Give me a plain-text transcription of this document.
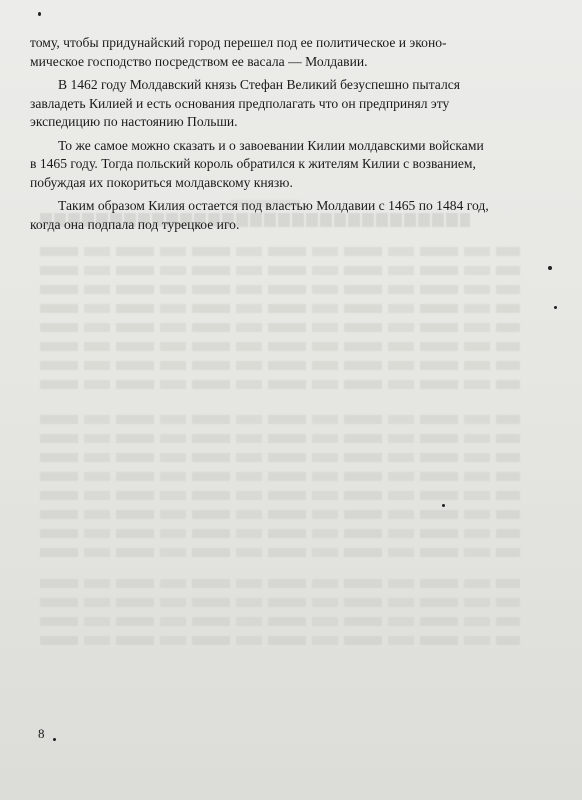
тому, чтобы придунайский город перешел под ее политическое и эконо-
мическое господство посредством ее васала — Молдавии.

В 1462 году Молдавский князь Стефан Великий безуспешно пытался
завладеть Килией и есть основания предполагать что он предпринял эту
экспедицию по настоянию Польши.

То же самое можно сказать и о завоевании Килии молдавскими войсками
в 1465 году. Тогда польский король обратился к жителям Килии с возванием,
побуждая их покориться молдавскому князю.

Таким образом Килия остается под властью Молдавии с 1465 по 1484 год,
когда она подпала под турецкое иго.

8
